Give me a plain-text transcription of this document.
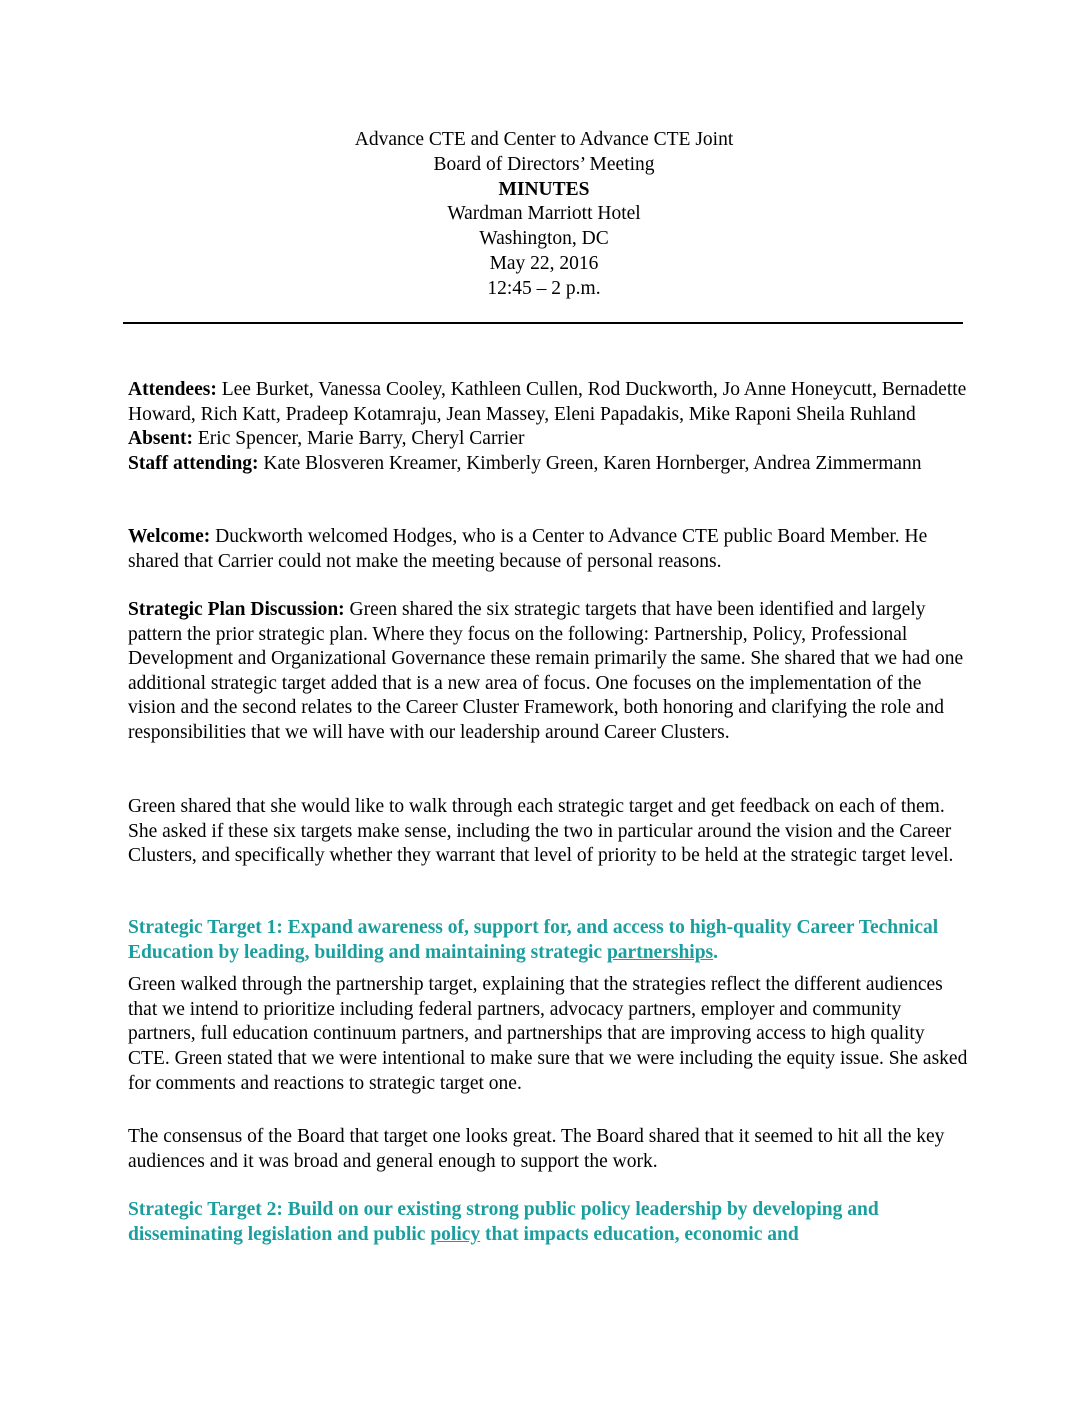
Advance CTE and Center to Advance CTE Joint
Board of Directors’ Meeting
MINUTES
Wardman Marriott Hotel
Washington, DC
May 22, 2016
12:45 – 2 p.m.

Attendees: Lee Burket, Vanessa Cooley, Kathleen Cullen, Rod Duckworth, Jo Anne Honeycutt, Bernadette Howard, Rich Katt, Pradeep Kotamraju, Jean Massey, Eleni Papadakis, Mike Raponi Sheila Ruhland

Absent: Eric Spencer, Marie Barry, Cheryl Carrier

Staff attending: Kate Blosveren Kreamer, Kimberly Green, Karen Hornberger, Andrea Zimmermann

Welcome: Duckworth welcomed Hodges, who is a Center to Advance CTE public Board Member. He shared that Carrier could not make the meeting because of personal reasons.

Strategic Plan Discussion: Green shared the six strategic targets that have been identified and largely pattern the prior strategic plan. Where they focus on the following: Partnership, Policy, Professional Development and Organizational Governance these remain primarily the same. She shared that we had one additional strategic target added that is a new area of focus. One focuses on the implementation of the vision and the second relates to the Career Cluster Framework, both honoring and clarifying the role and responsibilities that we will have with our leadership around Career Clusters.

Green shared that she would like to walk through each strategic target and get feedback on each of them. She asked if these six targets make sense, including the two in particular around the vision and the Career Clusters, and specifically whether they warrant that level of priority to be held at the strategic target level.

Strategic Target 1: Expand awareness of, support for, and access to high-quality Career Technical Education by leading, building and maintaining strategic partnerships.

Green walked through the partnership target, explaining that the strategies reflect the different audiences that we intend to prioritize including federal partners, advocacy partners, employer and community partners, full education continuum partners, and partnerships that are improving access to high quality CTE. Green stated that we were intentional to make sure that we were including the equity issue. She asked for comments and reactions to strategic target one.

The consensus of the Board that target one looks great. The Board shared that it seemed to hit all the key audiences and it was broad and general enough to support the work.

Strategic Target 2: Build on our existing strong public policy leadership by developing and disseminating legislation and public policy that impacts education, economic and
